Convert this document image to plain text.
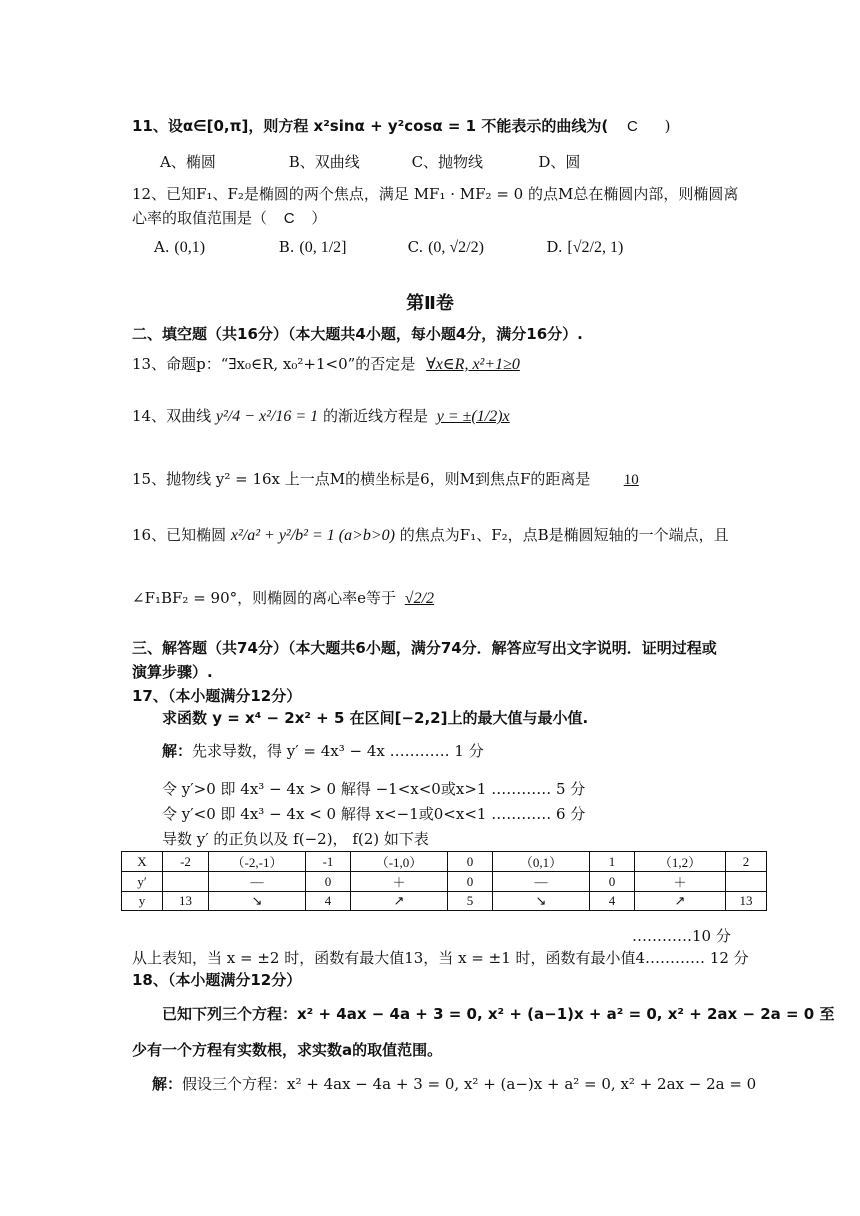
11、设α∈[0,π]，则方程 x²sinα + y²cosα = 1 不能表示的曲线为( C )
A、椭圆	B、双曲线	C、抛物线	D、圆
12、已知F₁、F₂是椭圆的两个焦点，满足 MF₁ · MF₂ = 0 的点M总在椭圆内部，则椭圆离
心率的取值范围是（ C ）
A. (0,1)	B. (0, 1/2]	C. (0, √2/2)	D. [√2/2, 1)
第Ⅱ卷
二、填空题（共16分）（本大题共4小题，每小题4分，满分16分）.
13、命题p：“∃x₀∈R, x₀²+1<0”的否定是 ∀x∈R, x²+1≥0
14、双曲线 y²/4 − x²/16 = 1 的渐近线方程是 y = ±(1/2)x
15、抛物线 y² = 16x 上一点M的横坐标是6，则M到焦点F的距离是 10
16、已知椭圆 x²/a² + y²/b² = 1 (a>b>0) 的焦点为F₁、F₂，点B是椭圆短轴的一个端点，且
∠F₁BF₂ = 90°，则椭圆的离心率e等于 √2/2
三、解答题（共74分）（本大题共6小题，满分74分．解答应写出文字说明．证明过程或
演算步骤）.
17、（本小题满分12分）
求函数 y = x⁴ − 2x² + 5 在区间[−2,2]上的最大值与最小值.
解：先求导数，得 y′ = 4x³ − 4x ………… 1 分
令 y′>0 即 4x³ − 4x > 0 解得 −1<x<0或x>1 ………… 5 分
令 y′<0 即 4x³ − 4x < 0 解得 x<−1或0<x<1 ………… 6 分
导数 y′ 的正负以及 f(−2)， f(2) 如下表
X	-2	（-2,-1）	-1	（-1,0）	0	（0,1）	1	（1,2）	2
y′		—	0	＋	0	—	0	＋	
y	13	↘	4	↗	5	↘	4	↗	13
…………10 分
从上表知，当 x = ±2 时，函数有最大值13，当 x = ±1 时，函数有最小值4………… 12 分
18、（本小题满分12分）
已知下列三个方程：x² + 4ax − 4a + 3 = 0, x² + (a−1)x + a² = 0, x² + 2ax − 2a = 0 至
少有一个方程有实数根，求实数a的取值范围。
解：假设三个方程：x² + 4ax − 4a + 3 = 0, x² + (a−)x + a² = 0, x² + 2ax − 2a = 0
